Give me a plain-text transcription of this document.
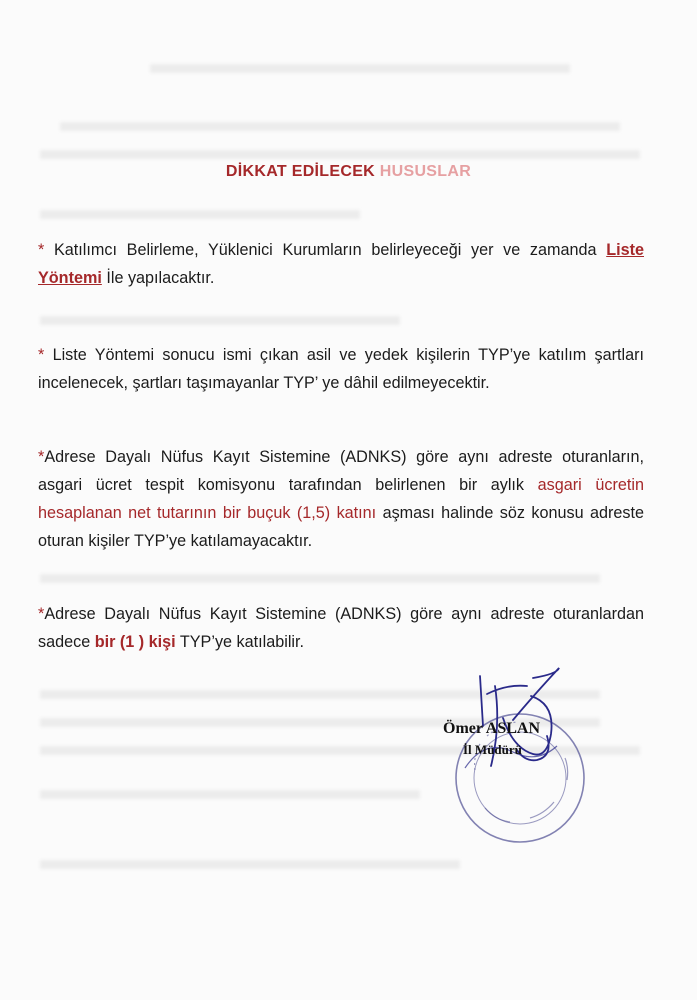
DİKKAT EDİLECEK HUSUSLAR
* Katılımcı Belirleme, Yüklenici Kurumların belirleyeceği yer ve zamanda Liste Yöntemi İle yapılacaktır.
* Liste Yöntemi sonucu ismi çıkan asil ve yedek kişilerin TYP’ye katılım şartları incelenecek, şartları taşımayanlar TYP’ ye dâhil edilmeyecektir.
*Adrese Dayalı Nüfus Kayıt Sistemine (ADNKS) göre aynı adreste oturanların, asgari ücret tespit komisyonu tarafından belirlenen bir aylık asgari ücretin hesaplanan net tutarının bir buçuk (1,5) katını aşması halinde söz konusu adreste oturan kişiler TYP’ye katılamayacaktır.
*Adrese Dayalı Nüfus Kayıt Sistemine (ADNKS) göre aynı adreste oturanlardan sadece bir (1 ) kişi TYP’ye katılabilir.
Ömer ASLAN
İl Müdürü
